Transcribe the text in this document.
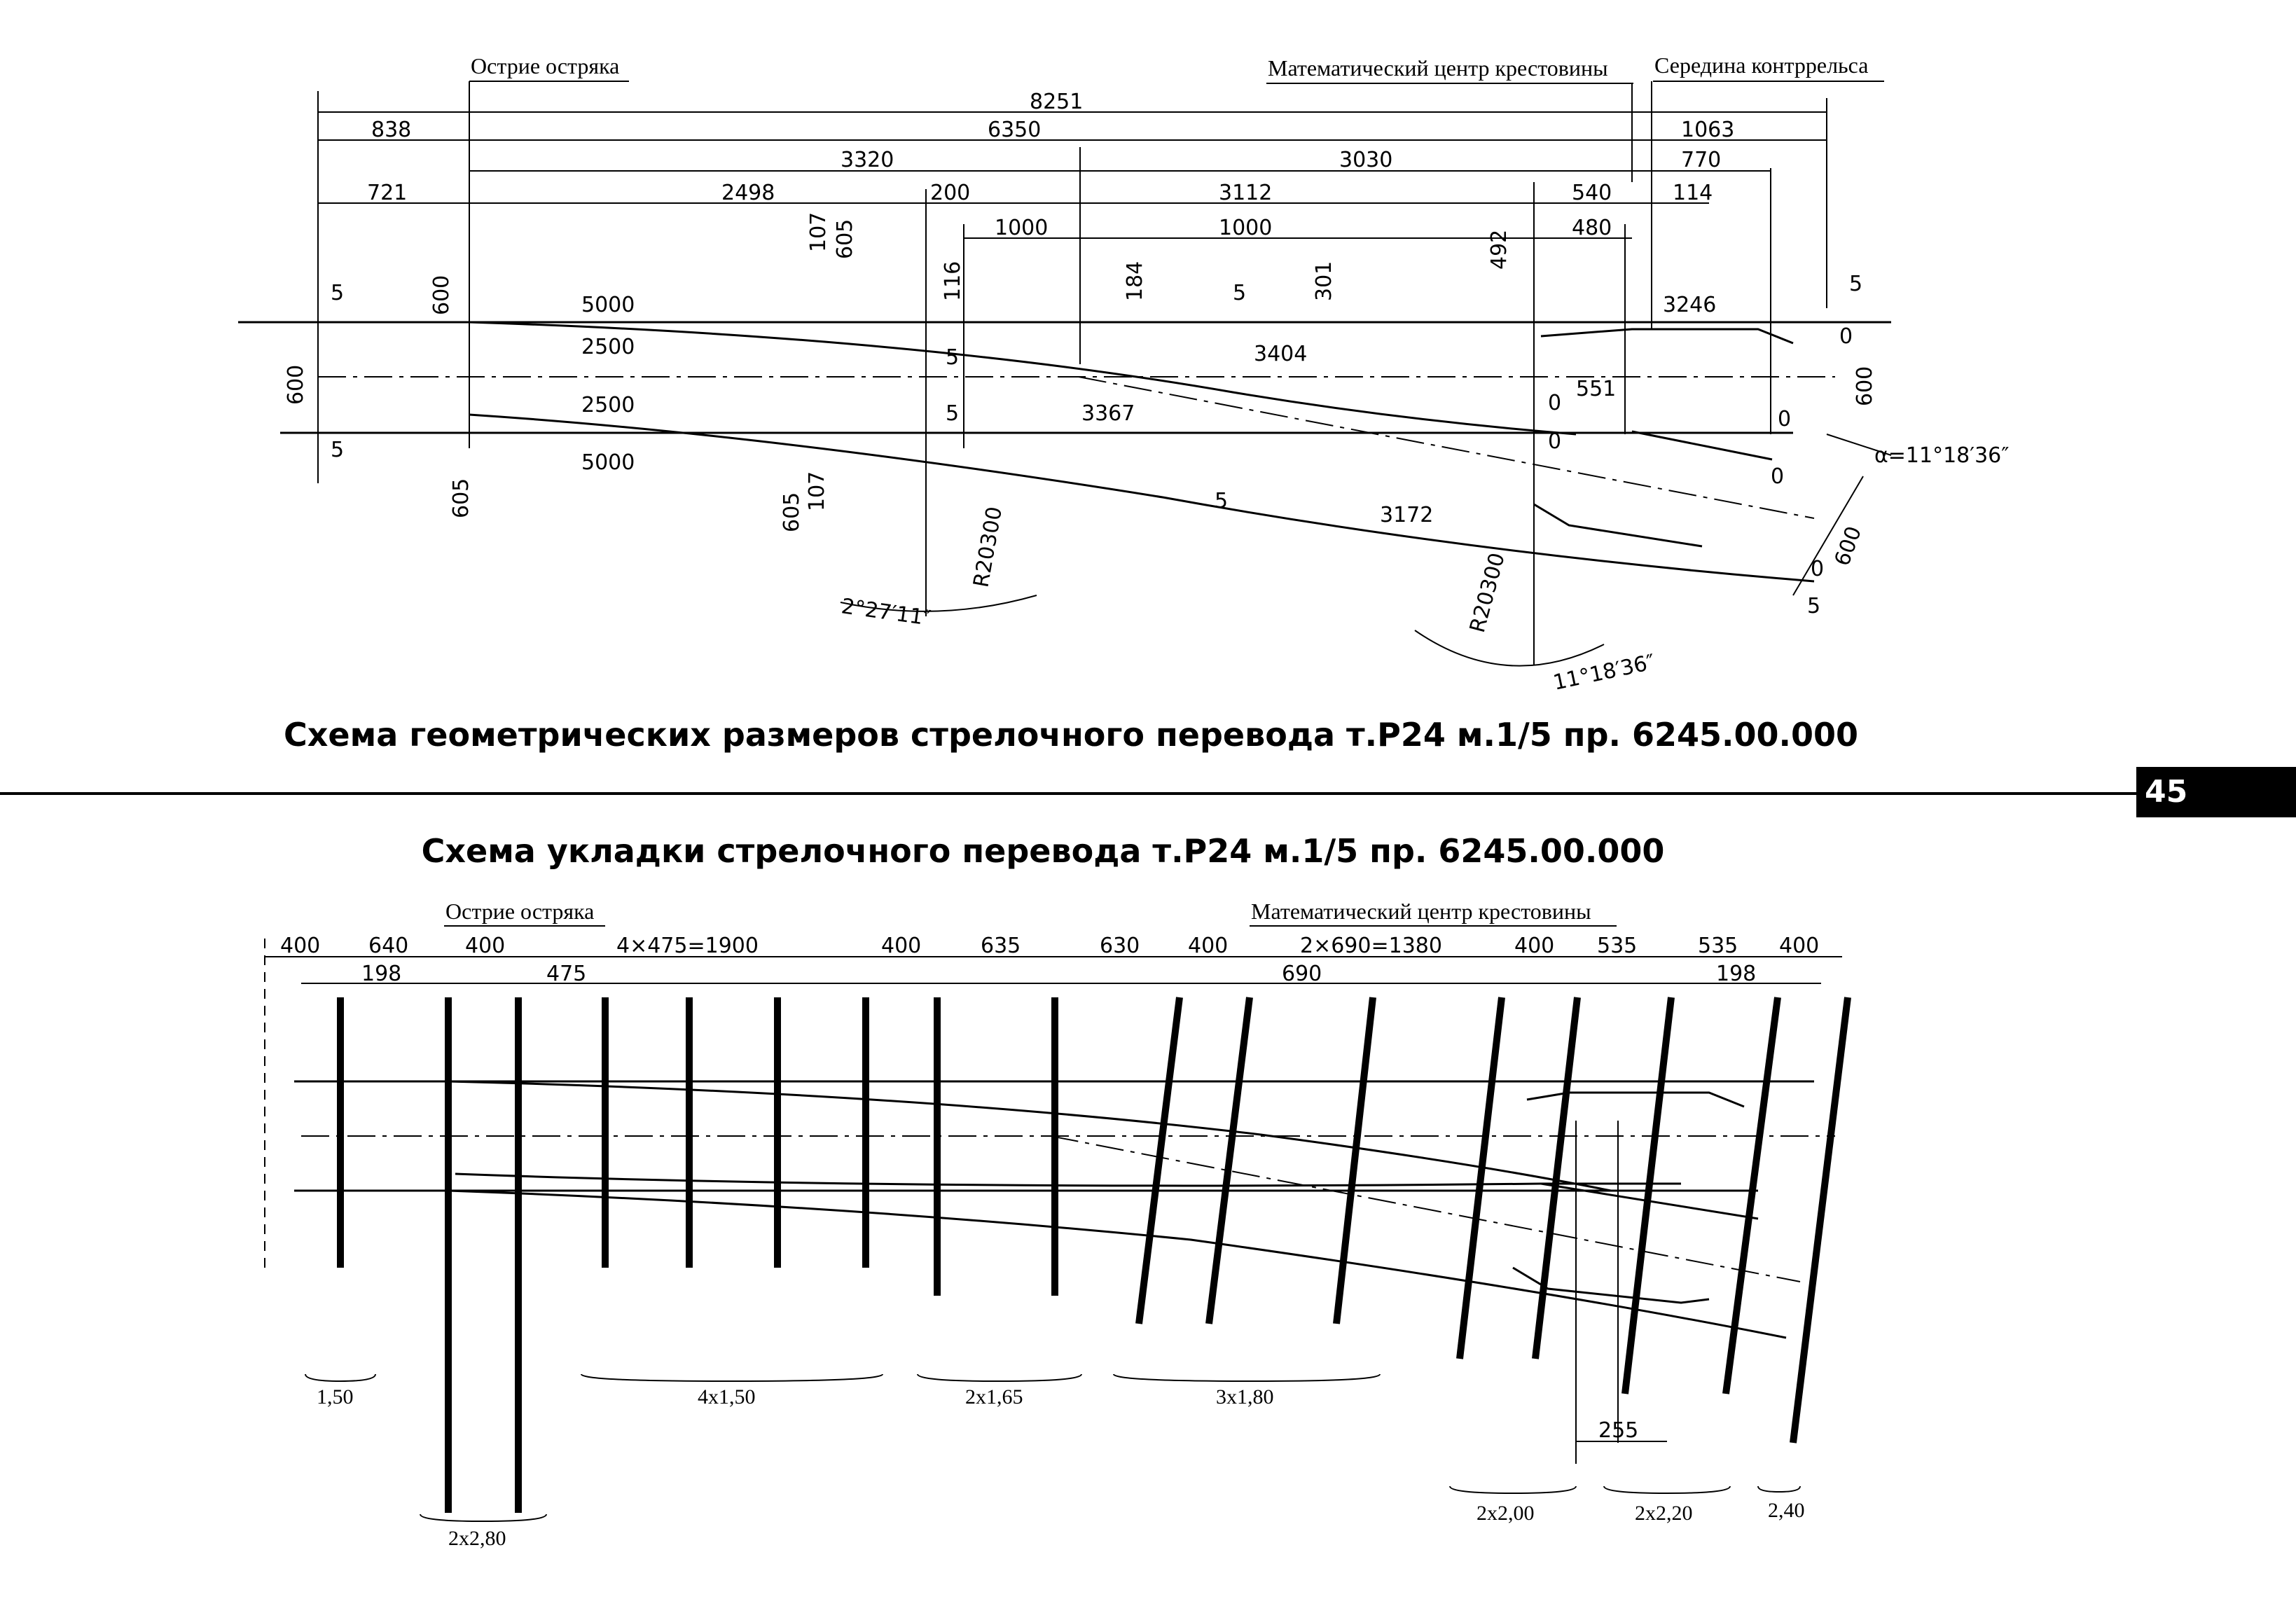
Острие остряка	Математический центр крестовины Середина контррельса
8251
838	6350	1063
3320	3030	770
721	2498	200	3112	540	114
1000	1000	480
5000
2500
2500
5000
3404
3367
3172
3246
551
600
600
605
107 605
116	184	301
492
605
107
600
600
5
5
5
5
5
5
5
5
0
0
0
0
0
0
R20300
R20300
2°27′11″
11°18′36″
α=11°18′36″
Острие остряка	Математический центр крестовины
400 640	400	4×475=1900	400	635	630 400	2×690=1380	400 535	535 400
198	475	690	198
255
1,50
2х2,80
4х1,50	2х1,65	3х1,80
2х2,00	2х2,20	2,40
Схема геометрических размеров стрелочного перевода т.Р24 м.1/5 пр. 6245.00.000
45
Схема укладки стрелочного перевода т.Р24 м.1/5 пр. 6245.00.000
